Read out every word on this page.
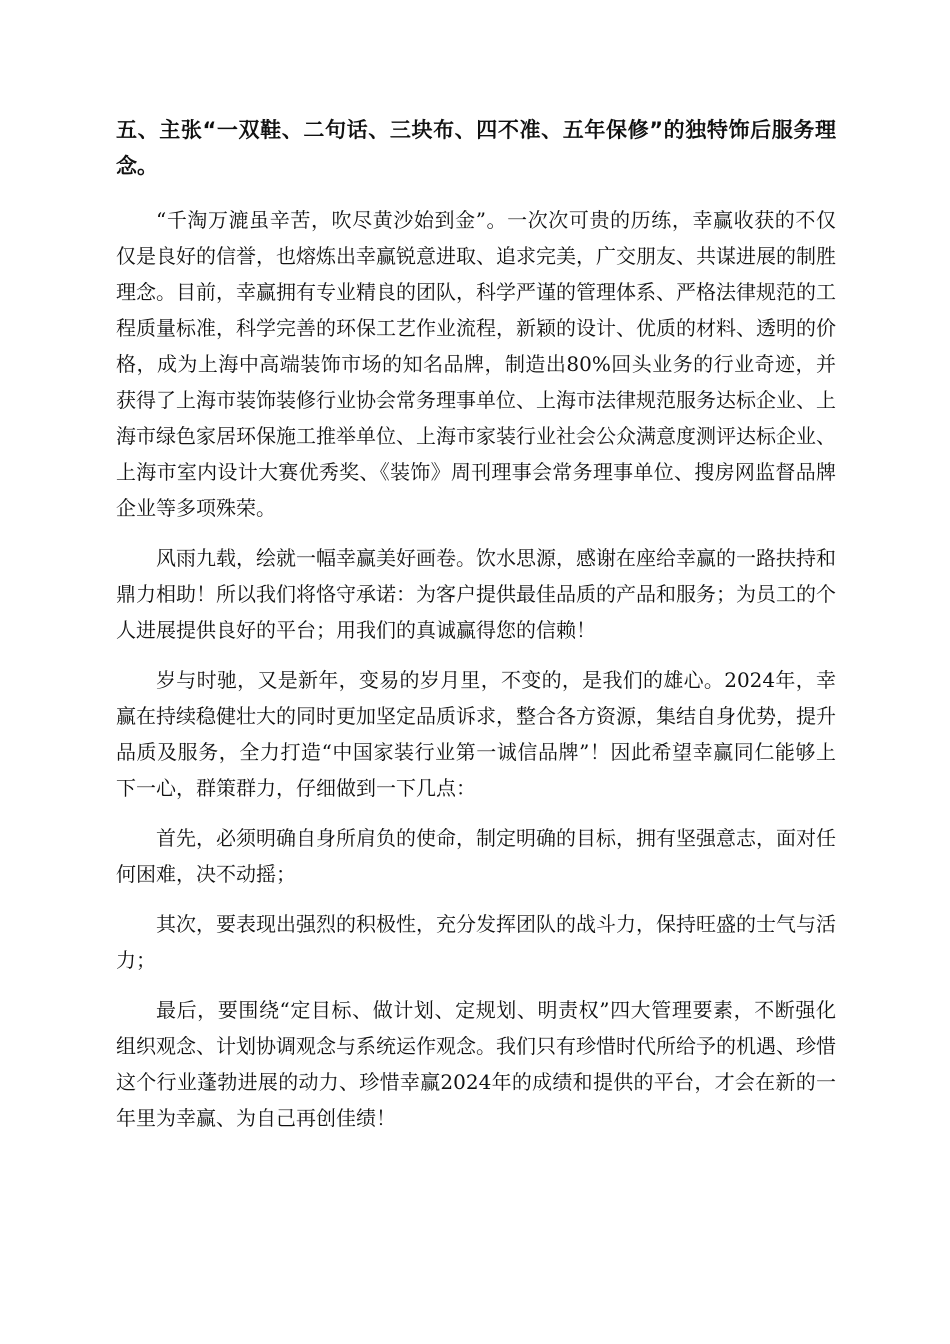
五、主张“一双鞋、二句话、三块布、四不准、五年保修”的独特饰后服务理念。

“千淘万漉虽辛苦，吹尽黄沙始到金”。一次次可贵的历练，幸赢收获的不仅仅是良好的信誉，也熔炼出幸赢锐意进取、追求完美，广交朋友、共谋进展的制胜理念。目前，幸赢拥有专业精良的团队，科学严谨的管理体系、严格法律规范的工程质量标准，科学完善的环保工艺作业流程，新颖的设计、优质的材料、透明的价格，成为上海中高端装饰市场的知名品牌，制造出80%回头业务的行业奇迹，并获得了上海市装饰装修行业协会常务理事单位、上海市法律规范服务达标企业、上海市绿色家居环保施工推举单位、上海市家装行业社会公众满意度测评达标企业、上海市室内设计大赛优秀奖、《装饰》周刊理事会常务理事单位、搜房网监督品牌企业等多项殊荣。

风雨九载，绘就一幅幸赢美好画卷。饮水思源，感谢在座给幸赢的一路扶持和鼎力相助！所以我们将恪守承诺：为客户提供最佳品质的产品和服务；为员工的个人进展提供良好的平台；用我们的真诚赢得您的信赖！

岁与时驰，又是新年，变易的岁月里，不变的，是我们的雄心。2024年，幸赢在持续稳健壮大的同时更加坚定品质诉求，整合各方资源，集结自身优势，提升品质及服务，全力打造“中国家装行业第一诚信品牌”！因此希望幸赢同仁能够上下一心，群策群力，仔细做到一下几点：

首先，必须明确自身所肩负的使命，制定明确的目标，拥有坚强意志，面对任何困难，决不动摇；

其次，要表现出强烈的积极性，充分发挥团队的战斗力，保持旺盛的士气与活力；

最后，要围绕“定目标、做计划、定规划、明责权”四大管理要素，不断强化组织观念、计划协调观念与系统运作观念。我们只有珍惜时代所给予的机遇、珍惜这个行业蓬勃进展的动力、珍惜幸赢2024年的成绩和提供的平台，才会在新的一年里为幸赢、为自己再创佳绩！
